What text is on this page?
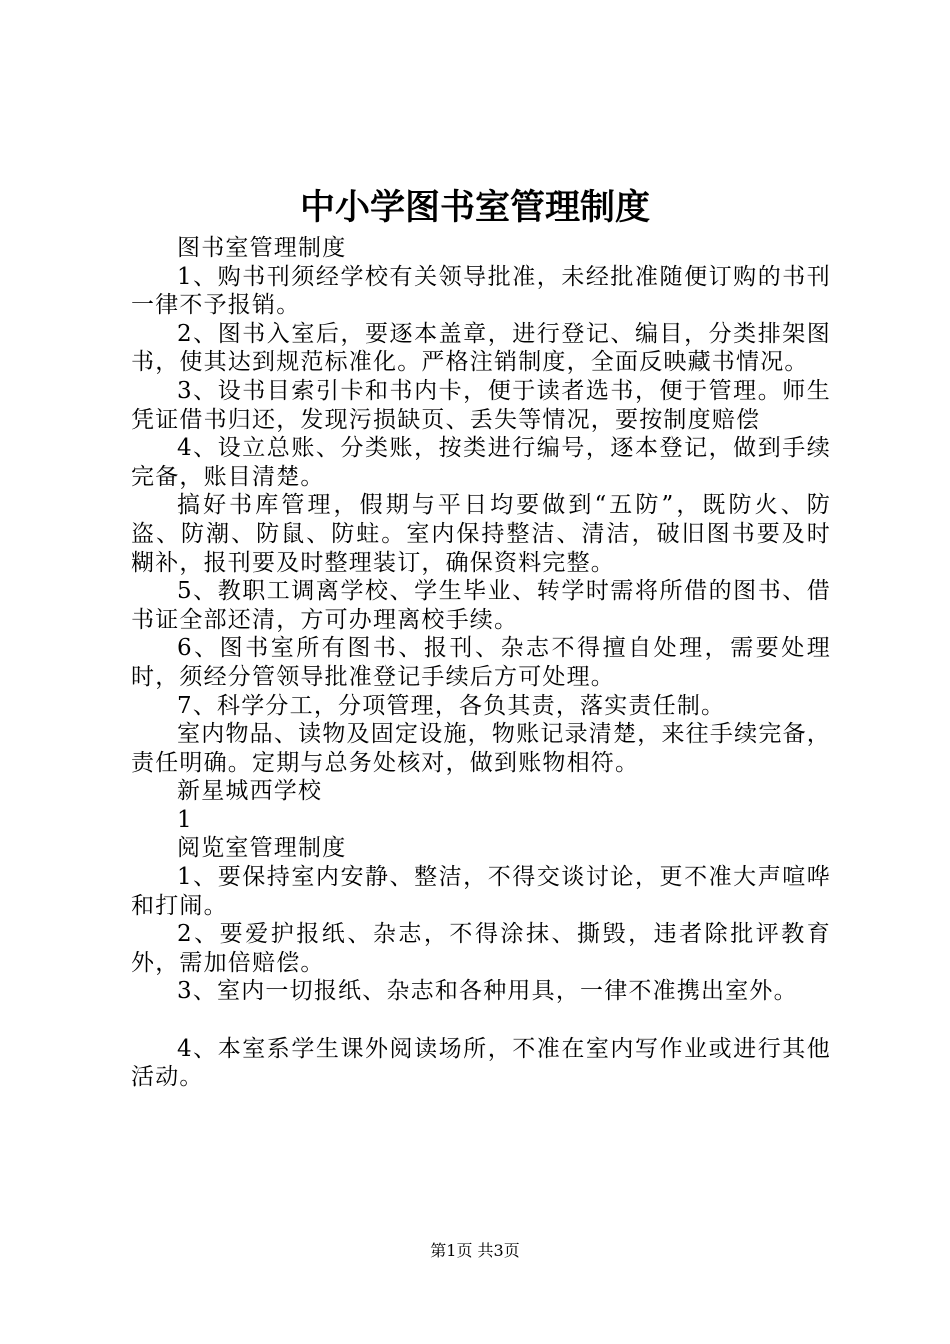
中小学图书室管理制度

图书室管理制度

1、购书刊须经学校有关领导批准，未经批准随便订购的书刊一律不予报销。

2、图书入室后，要逐本盖章，进行登记、编目，分类排架图书，使其达到规范标准化。严格注销制度，全面反映藏书情况。

3、设书目索引卡和书内卡，便于读者选书，便于管理。师生凭证借书归还，发现污损缺页、丢失等情况，要按制度赔偿

4、设立总账、分类账，按类进行编号，逐本登记，做到手续完备，账目清楚。

搞好书库管理，假期与平日均要做到“五防”，既防火、防盗、防潮、防鼠、防蛀。室内保持整洁、清洁，破旧图书要及时糊补，报刊要及时整理装订，确保资料完整。

5、教职工调离学校、学生毕业、转学时需将所借的图书、借书证全部还清，方可办理离校手续。

6、图书室所有图书、报刊、杂志不得擅自处理，需要处理时，须经分管领导批准登记手续后方可处理。

7、科学分工，分项管理，各负其责，落实责任制。

室内物品、读物及固定设施，物账记录清楚，来往手续完备，责任明确。定期与总务处核对，做到账物相符。

新星城西学校

1

阅览室管理制度

1、要保持室内安静、整洁，不得交谈讨论，更不准大声喧哗和打闹。

2、要爱护报纸、杂志，不得涂抹、撕毁，违者除批评教育外，需加倍赔偿。

3、室内一切报纸、杂志和各种用具，一律不准携出室外。

4、本室系学生课外阅读场所，不准在室内写作业或进行其他活动。

第1页 共3页
